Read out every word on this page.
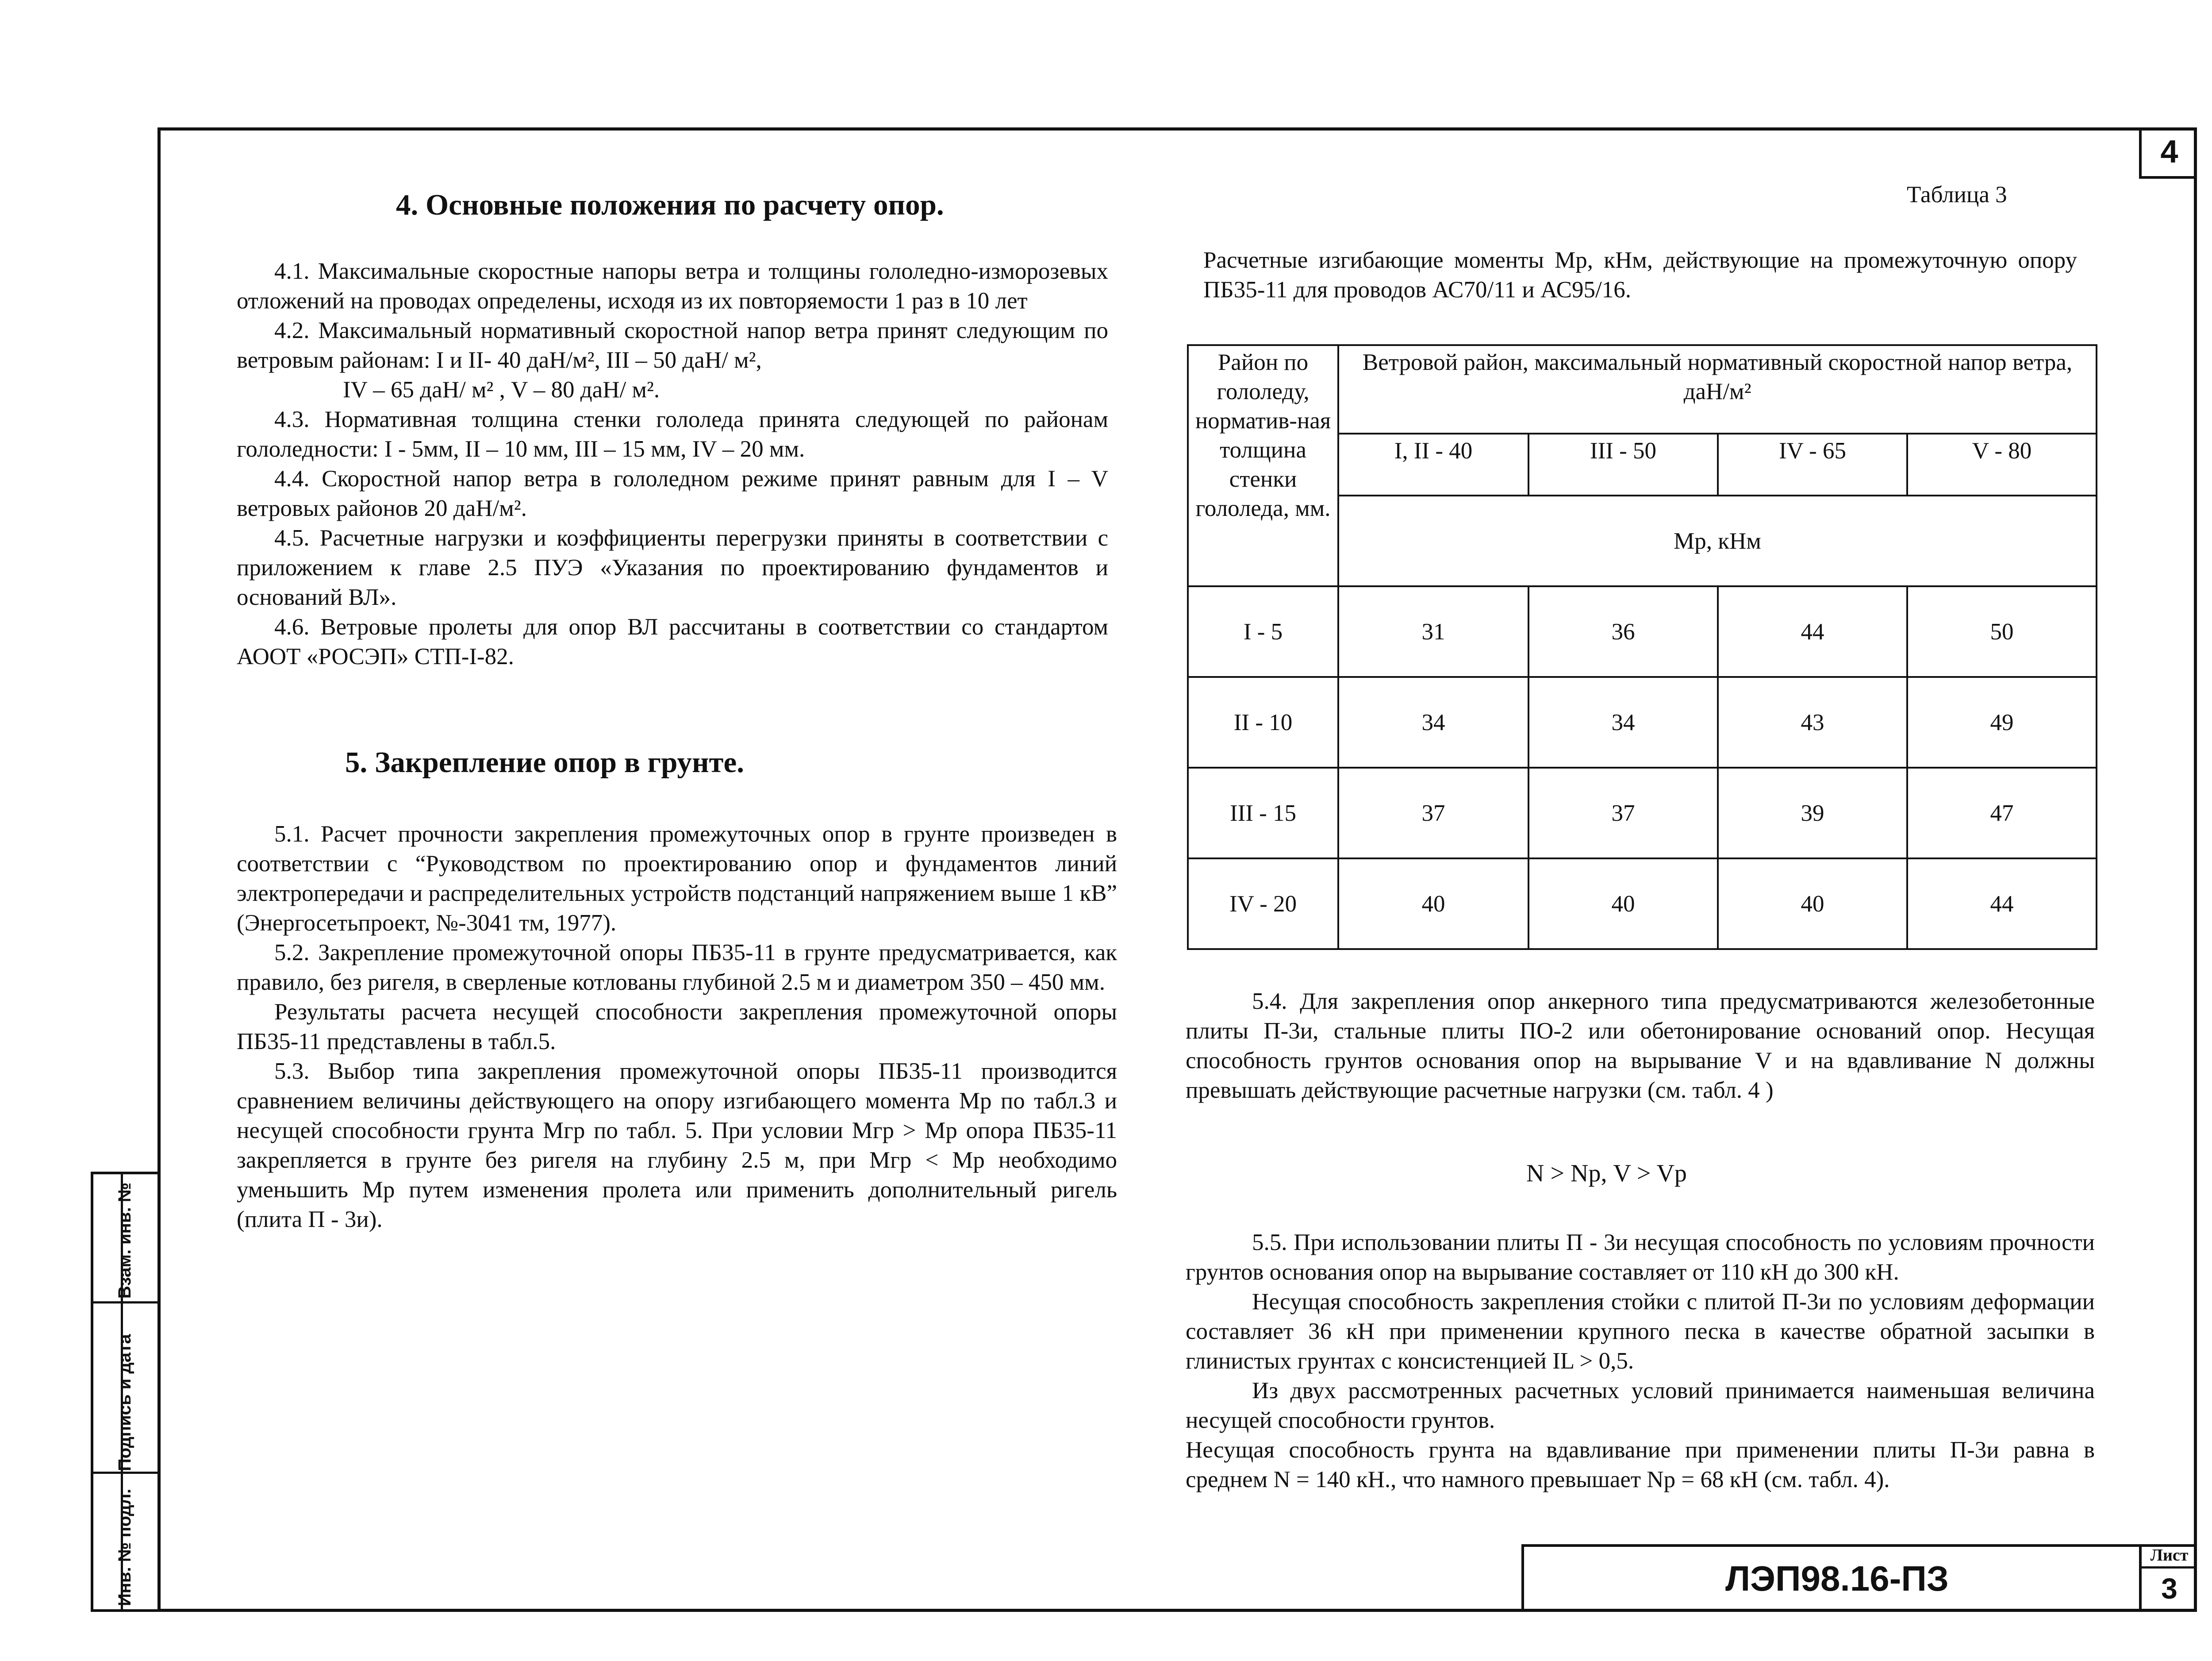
4
4. Основные положения по расчету опор.

4.1. Максимальные скоростные напоры ветра и толщины гололедно-изморозевых отложений на проводах определены, исходя из их повторяемости 1 раз в 10 лет

4.2. Максимальный нормативный скоростной напор ветра принят следующим по ветровым районам: I и II- 40 даН/м², III – 50 даН/ м²,

IV – 65 даН/ м² , V – 80 даН/ м².

4.3. Нормативная толщина стенки гололеда принята следующей по районам гололедности: I - 5мм, II – 10 мм, III – 15 мм, IV – 20 мм.

4.4. Скоростной напор ветра в гололедном режиме принят равным для I – V ветровых районов 20 даН/м².

4.5. Расчетные нагрузки и коэффициенты перегрузки приняты в соответствии с приложением к главе 2.5 ПУЭ «Указания по проектированию фундаментов и оснований ВЛ».

4.6. Ветровые пролеты для опор ВЛ рассчитаны в соответствии со стандартом АООТ «РОСЭП» СТП-I-82.

5. Закрепление опор в грунте.

5.1. Расчет прочности закрепления промежуточных опор в грунте произведен в соответствии с “Руководством по проектированию опор и фундаментов линий электропередачи и распределительных устройств подстанций напряжением выше 1 кВ” (Энергосетьпроект, №-3041 тм, 1977).

5.2. Закрепление промежуточной опоры ПБ35-11 в грунте предусматривается, как правило, без ригеля, в сверленые котлованы глубиной 2.5 м и диаметром 350 – 450 мм.

Результаты расчета несущей способности закрепления промежуточной опоры ПБ35-11 представлены в табл.5.

5.3. Выбор типа закрепления промежуточной опоры ПБ35-11 производится сравнением величины действующего на опору изгибающего момента Мр по табл.3 и несущей способности грунта Мгр по табл. 5. При условии Мгр > Мр опора ПБ35-11 закрепляется в грунте без ригеля на глубину 2.5 м, при Мгр < Мр необходимо уменьшить Мр путем изменения пролета или применить дополнительный ригель (плита П - 3и).

Таблица 3

Расчетные изгибающие моменты Мр, кНм, действующие на промежуточную опору ПБ35-11 для проводов АС70/11 и АС95/16.

Район по гололеду, норматив-ная толщина стенки гололеда, мм.	Ветровой район, максимальный нормативный скоростной напор ветра, даН/м²			
	I, II - 40	III - 50	IV - 65	V - 80
	Мр, кНм			
I - 5	31	36	44	50
II - 10	34	34	43	49
III - 15	37	37	39	47
IV - 20	40	40	40	44

5.4. Для закрепления опор анкерного типа предусматриваются железобетонные плиты П-3и, стальные плиты ПО-2 или обетонирование оснований опор. Несущая способность грунтов основания опор на вырывание V и на вдавливание N должны превышать действующие расчетные нагрузки (см. табл. 4 )

N > Nр, V > Vр

5.5. При использовании плиты П - 3и несущая способность по условиям прочности грунтов основания опор на вырывание составляет от 110 кН до 300 кН.

Несущая способность закрепления стойки с плитой П-3и по условиям деформации составляет 36 кН при применении крупного песка в качестве обратной засыпки в глинистых грунтах с консистенцией IL > 0,5.

Из двух рассмотренных расчетных условий принимается наименьшая величина несущей способности грунтов.

Несущая способность грунта на вдавливание при применении плиты П-3и равна в среднем N = 140 кН., что намного превышает Nр = 68 кН (см. табл. 4).

Взам. инв. №
Подпись и дата
Инв. № подл.	ЛЭП98.16-ПЗ
Лист
3
